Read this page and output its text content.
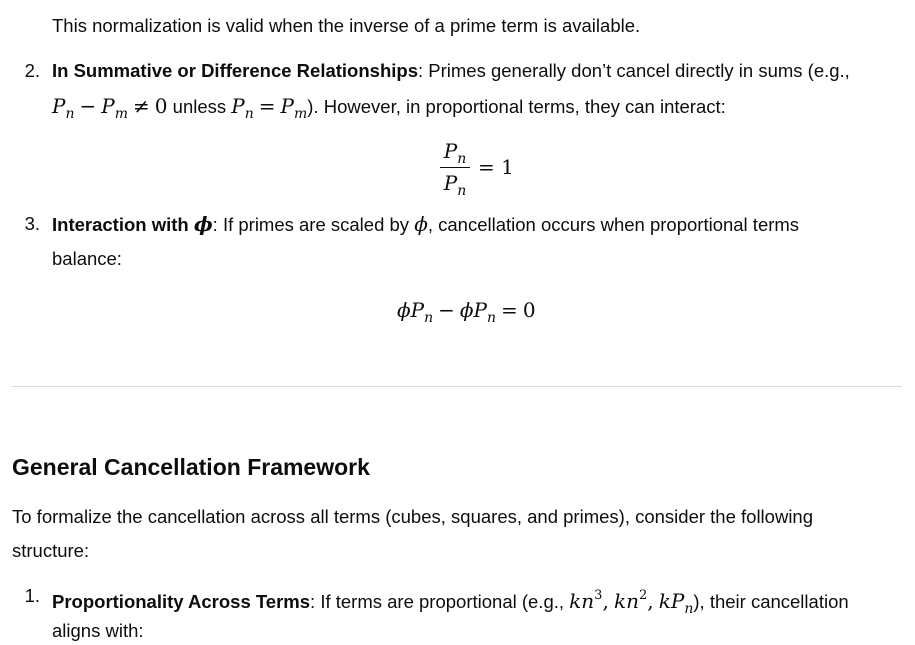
This normalization is valid when the inverse of a prime term is available.
2. In Summative or Difference Relationships: Primes generally don’t cancel directly in sums (e.g.,
$P_n - P_m \ne 0$ unless $P_n = P_m$). However, in proportional terms, they can interact:
$P_n$
$P_n$
= 1
3. Interaction with ϕ: If primes are scaled by ϕ, cancellation occurs when proportional terms
balance:
$\phi P_n - \phi P_n = 0$
General Cancellation Framework
To formalize the cancellation across all terms (cubes, squares, and primes), consider the following
structure:
1. Proportionality Across Terms: If terms are proportional (e.g., $kn^3$, $kn^2$, $kP_n$), their cancellation
aligns with:
